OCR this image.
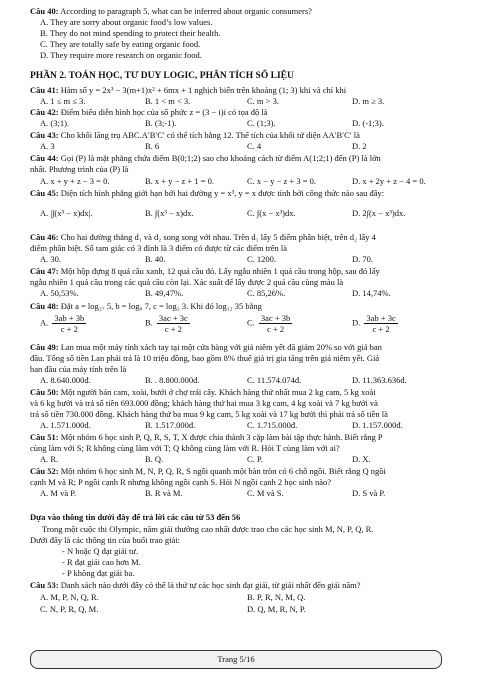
Câu 40: According to paragraph 5, what can be inferred about organic consumers?
A. They are sorry about organic food’s low values.
B. They do not mind spending to protect their health.
C. They are totally safe by eating organic food.
D. They require more research on organic food.
PHẦN 2. TOÁN HỌC, TƯ DUY LOGIC, PHÂN TÍCH SỐ LIỆU
Câu 41: Hàm số y = 2x³ − 3(m+1)x² + 6mx + 1 nghịch biến trên khoảng (1; 3) khi và chỉ khi
A. 1 ≤ m ≤ 3.	B. 1 < m < 3.	C. m > 3.	D. m ≥ 3.
Câu 42: Điểm biểu diễn hình học của số phức z = (3 − i)i có tọa độ là
A. (3;1).	B. (3;-1).	C. (1;3).	D. (-1;3).
Câu 43: Cho khối lăng trụ ABC.A′B′C′ có thể tích bằng 12. Thể tích của khối tứ diện AA′B′C′ là
A. 3	B. 6	C. 4	D. 2
Câu 44: Gọi (P) là mặt phẳng chứa điểm B(0;1;2) sao cho khoảng cách từ điểm A(1;2;1) đến (P) là lớn
nhất. Phương trình của (P) là
A. x + y + z − 3 = 0.	B. x + y − z + 1 = 0.	C. x − y − z + 3 = 0.	D. x + 2y + z − 4 = 0.
Câu 45: Diện tích hình phẳng giới hạn bởi hai đường y = x³, y = x được tính bởi công thức nào sau đây:
A. |∫(x³ − x)dx|.	B. ∫(x³ − x)dx.	C. ∫(x − x³)dx.	D. 2∫(x − x³)dx.
Câu 46: Cho hai đường thẳng d₁ và d₂ song song với nhau. Trên d₁ lấy 5 điểm phân biệt, trên d₂ lấy 4
điểm phân biệt. Số tam giác có 3 đỉnh là 3 điểm có được từ các điểm trên là
A. 30.	B. 40.	C. 1200.	D. 70.
Câu 47: Một hộp đựng 8 quả cầu xanh, 12 quả cầu đỏ. Lấy ngẫu nhiên 1 quả cầu trong hộp, sau đó lấy
ngẫu nhiên 1 quả cầu trong các quả cầu còn lại. Xác suất để lấy được 2 quả cầu cùng màu là
A. 50,53%.	B. 49,47%.	C. 85,26%.	D. 14,74%.
Câu 48: Đặt a = log₂₇ 5, b = log₈ 7, c = log₂ 3. Khi đó log₁₂ 35 bằng
A. $\frac{3ab + 3b}{c + 2}$	B. $\frac{3ac + 3c}{c + 2}$	C. $\frac{3ac + 3b}{c + 2}$	D. $\frac{3ab + 3c}{c + 2}$
Câu 49: Lan mua một máy tính xách tay tại một cửa hàng với giá niêm yết đã giảm 20% so với giá ban
đầu. Tổng số tiền Lan phải trả là 10 triệu đồng, bao gồm 8% thuế giá trị gia tăng trên giá niêm yết. Giá
ban đầu của máy tính trên là
A. 8.640.000đ.	B. . 8.800.000đ.	C. 11.574.074đ.	D. 11.363.636đ.
Câu 50: Một người bán cam, xoài, bưởi ở chợ trái cây. Khách hàng thứ nhất mua 2 kg cam, 5 kg xoài
và 6 kg bưởi và trả số tiền 693.000 đồng; khách hàng thứ hai mua 3 kg cam, 4 kg xoài và 7 kg bưởi và
trả số tiền 730.000 đồng. Khách hàng thứ ba mua 9 kg cam, 5 kg xoài và 17 kg bưởi thì phải trả số tiền là
A. 1.571.000đ.	B. 1.517.000đ.	C. 1.715.000đ.	D. 1.157.000đ.
Câu 51: Một nhóm 6 học sinh P, Q, R, S, T, X được chia thành 3 cặp làm bài tập thực hành. Biết rằng P
cùng làm với S; R không cùng làm với T; Q không cùng làm với R. Hỏi T cùng làm với ai?
A. R.	B. Q.	C. P.	D. X.
Câu 52: Một nhóm 6 học sinh M, N, P, Q, R, S ngồi quanh một bàn tròn có 6 chỗ ngồi. Biết rằng Q ngồi
cạnh M và R; P ngồi cạnh R nhưng không ngồi cạnh S. Hỏi N ngồi cạnh 2 học sinh nào?
A. M và P.	B. R và M.	C. M và S.	D. S và P.
Dựa vào thông tin dưới đây để trả lời các câu từ 53 đến 56
Trong một cuộc thi Olympic, năm giải thưởng cao nhất được trao cho các học sinh M, N, P, Q, R.
Dưới đây là các thông tin của buổi trao giải:
- N hoặc Q đạt giải tư.
- R đạt giải cao hơn M.
- P không đạt giải ba.
Câu 53: Danh sách nào dưới đây có thể là thứ tự các học sinh đạt giải, từ giải nhất đến giải năm?
A. M, P, N, Q, R.	B. P, R, N, M, Q.
C. N, P, R, Q, M.	D. Q, M, R, N, P.
Trang 5/16
